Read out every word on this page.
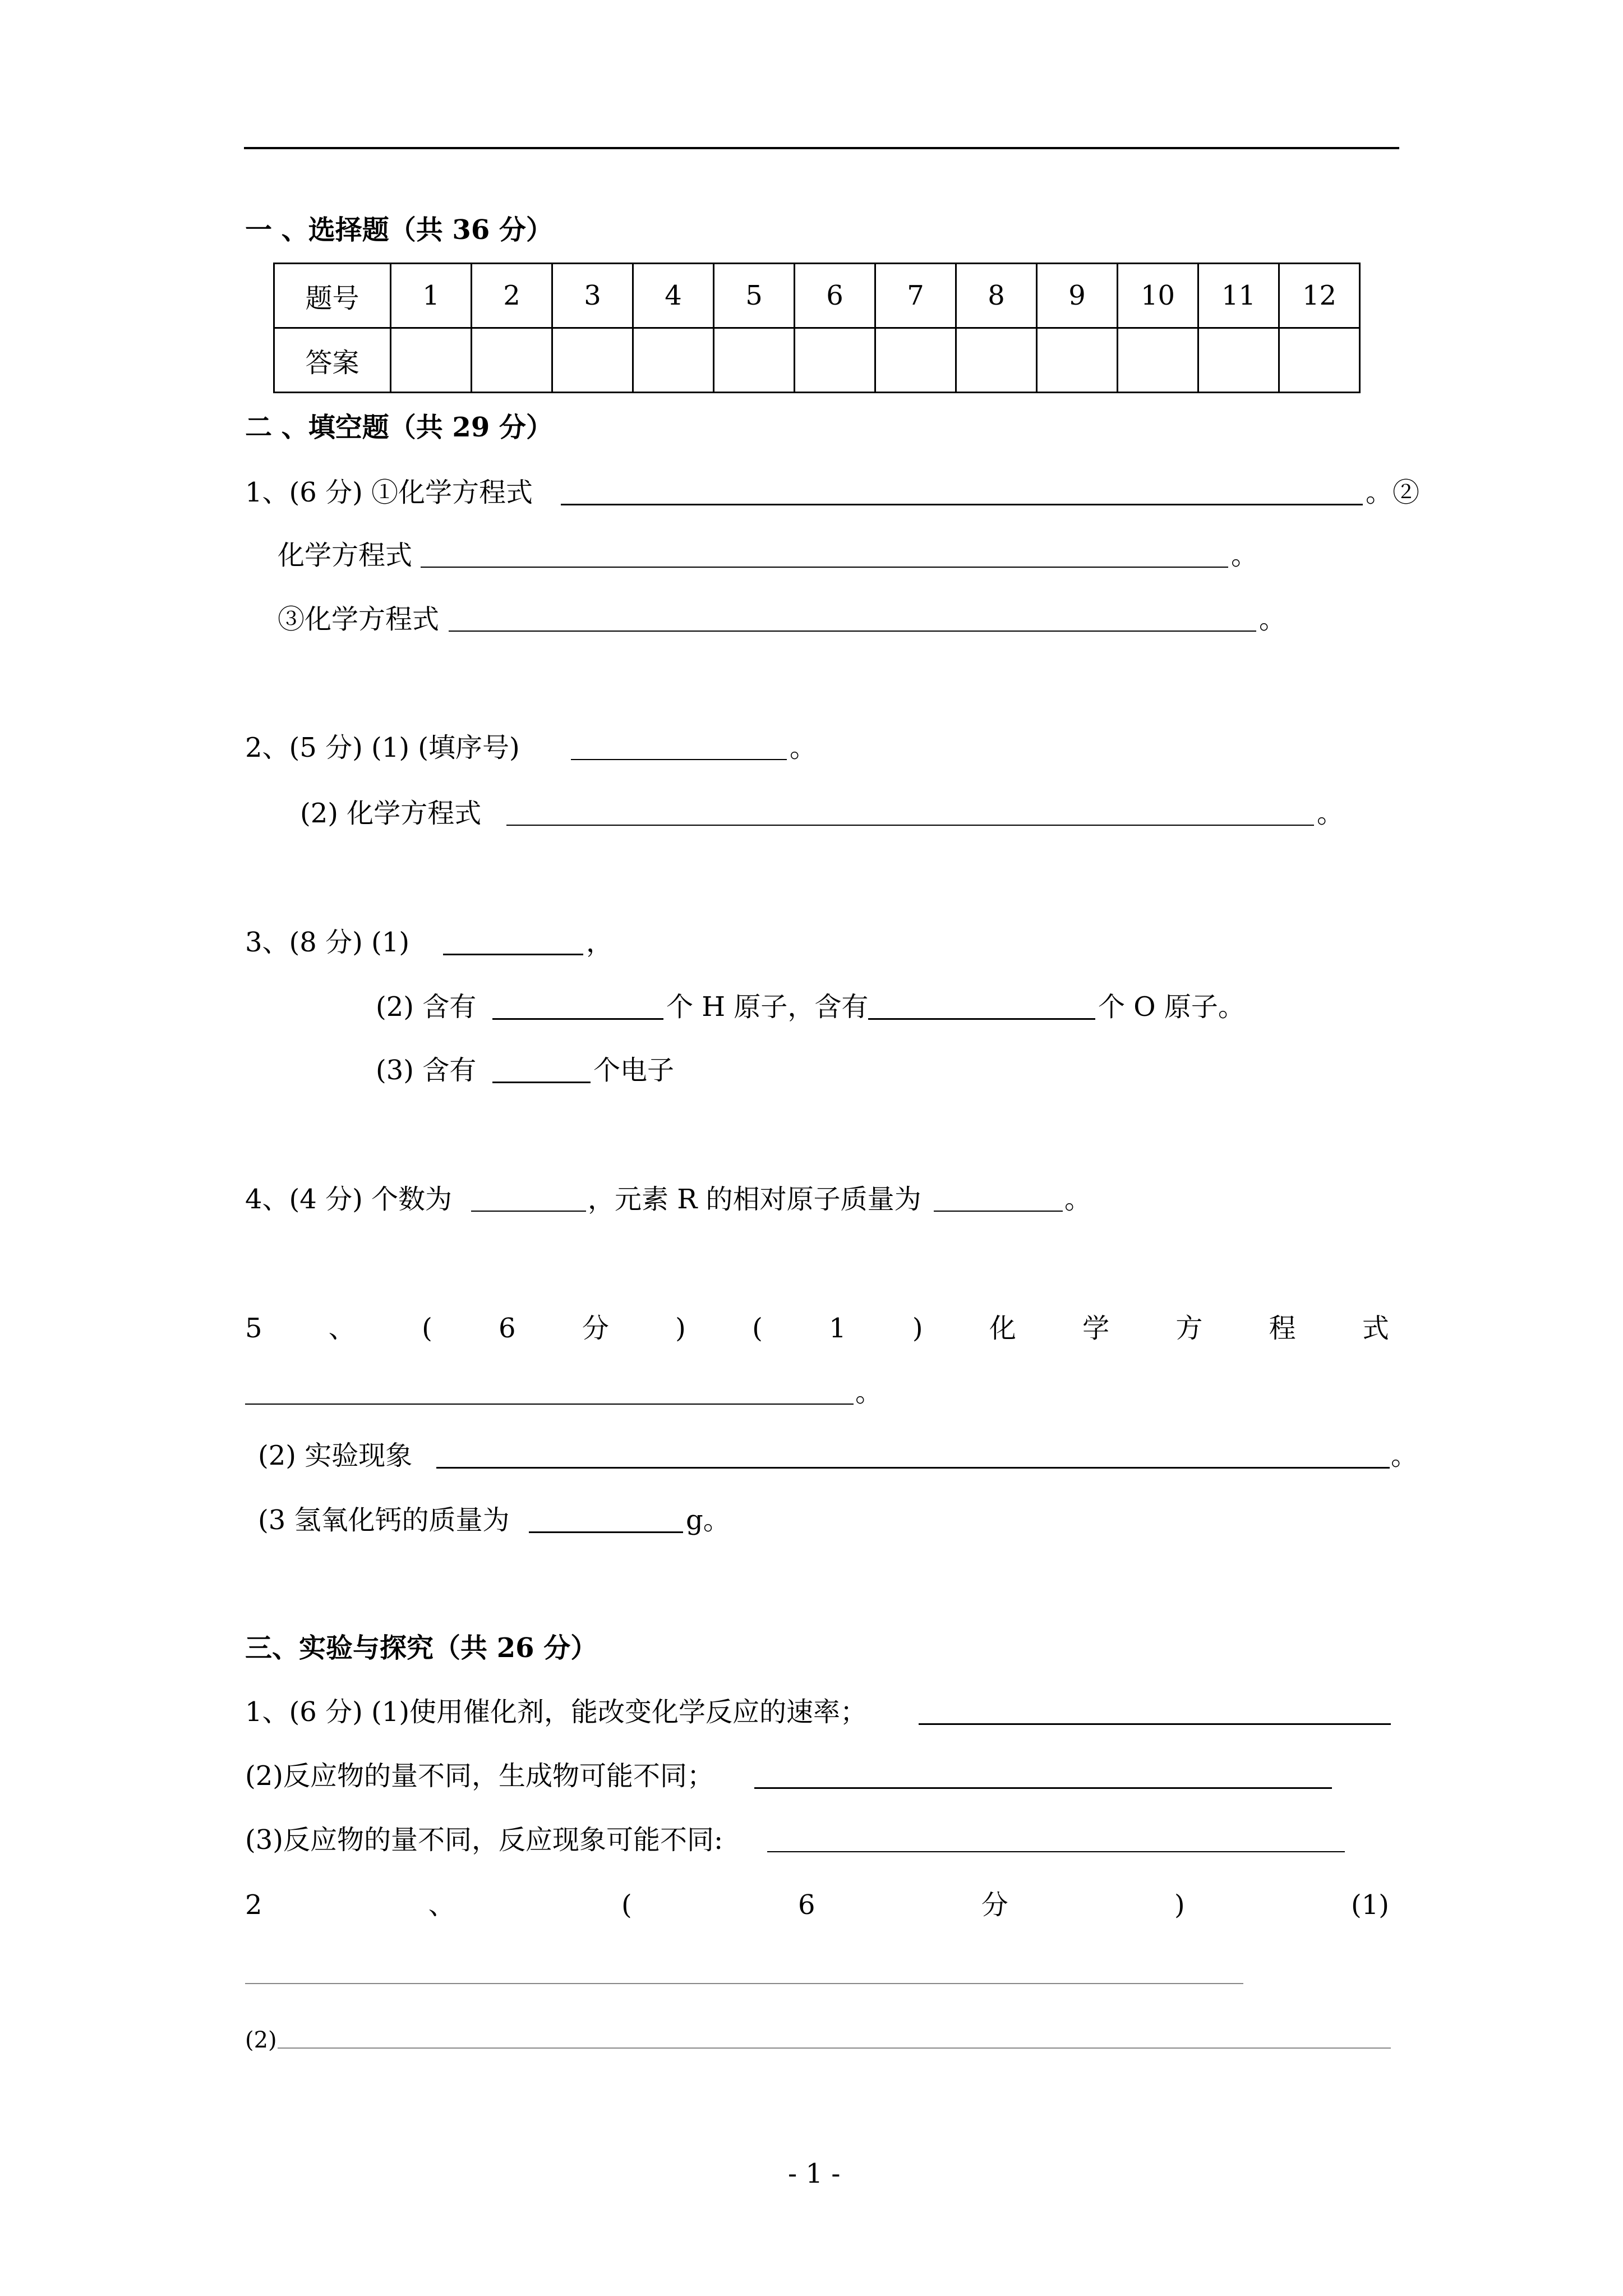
一 、选择题（共 36 分）
题号	1	2	3	4	5	6	7	8	9	10	11	12
答案												
二 、填空题（共 29 分）
1、(6 分) ①化学方程式	。②
化学方程式	。
③化学方程式	。
2、(5 分) (1) (填序号)	。
(2) 化学方程式	。
3、(8 分) (1)	，
(2) 含有	个 H 原子，含有	个 O 原子。
(3) 含有	个电子
4、(4 分) 个数为	，元素 R 的相对原子质量为	。
5 、 ( 6 分 ) ( 1 ) 化 学 方 程 式
。
(2) 实验现象	。
(3 氢氧化钙的质量为	g。
三、实验与探究（共 26 分）
1、(6 分) (1)使用催化剂，能改变化学反应的速率；
(2)反应物的量不同，生成物可能不同；
(3)反应物的量不同，反应现象可能不同:
2	、	(	6	分	)	(1)
(2)
- 1 -
